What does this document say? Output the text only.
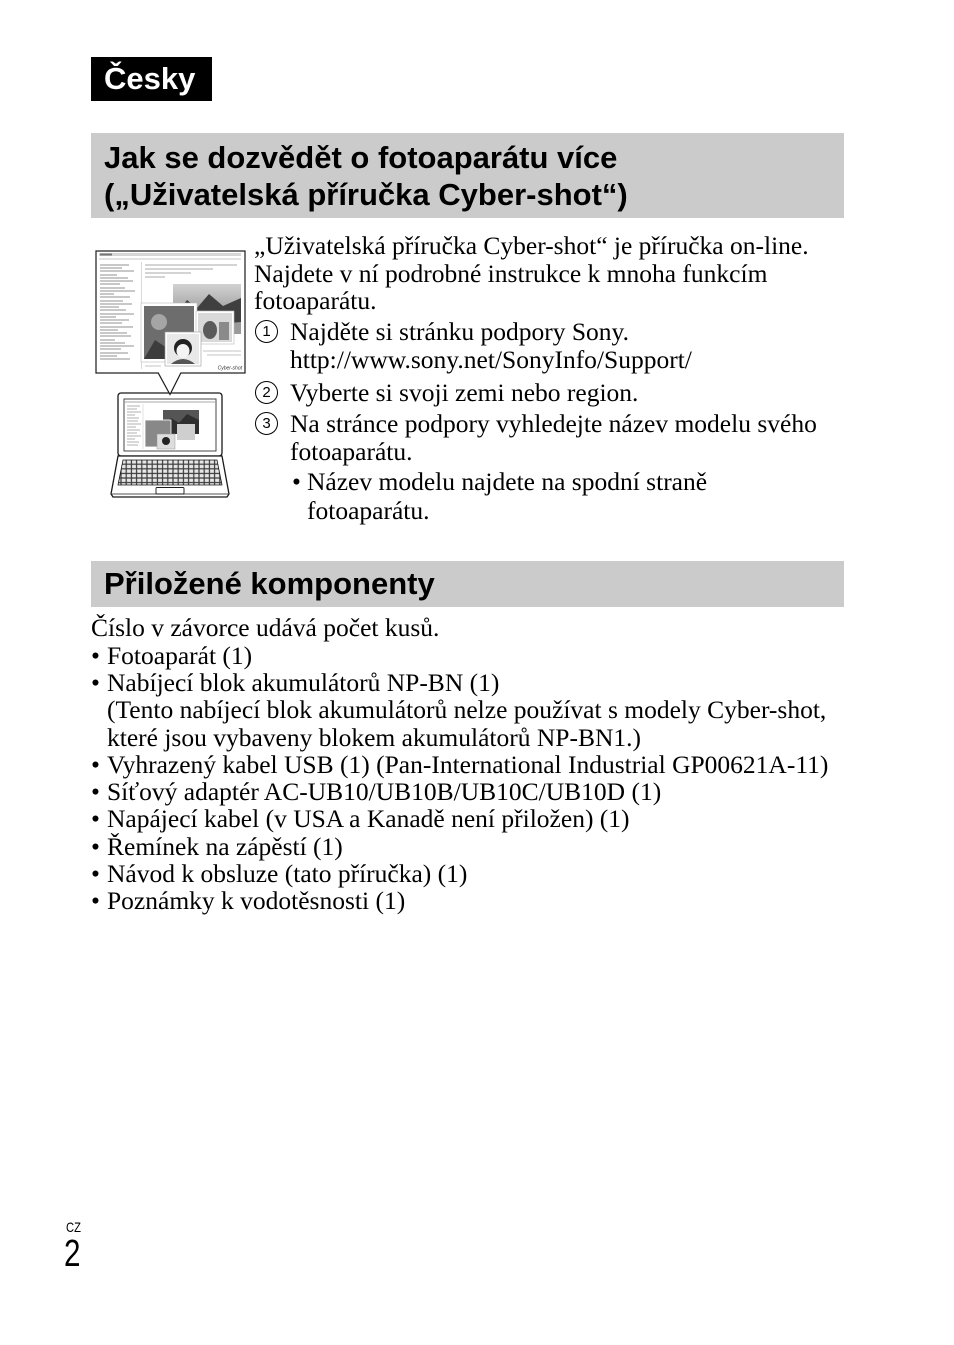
Česky
Jak se dozvědět o fotoaparátu více
(„Uživatelská příručka Cyber-shot“)
Cyber-shot
„Uživatelská příručka Cyber-shot“ je příručka on-line.
Najdete v ní podrobné instrukce k mnoha funkcím
fotoaparátu.
1 Najděte si stránku podpory Sony.
http://www.sony.net/SonyInfo/Support/
2 Vyberte si svoji zemi nebo region.
3 Na stránce podpory vyhledejte název modelu svého
fotoaparátu.
• Název modelu najdete na spodní straně
fotoaparátu.
Přiložené komponenty
Číslo v závorce udává počet kusů.
• Fotoaparát (1)
• Nabíjecí blok akumulátorů NP-BN (1)
(Tento nabíjecí blok akumulátorů nelze používat s modely Cyber-shot,
které jsou vybaveny blokem akumulátorů NP-BN1.)
• Vyhrazený kabel USB (1) (Pan-International Industrial GP00621A-11)
• Síťový adaptér AC-UB10/UB10B/UB10C/UB10D (1)
• Napájecí kabel (v USA a Kanadě není přiložen) (1)
• Řemínek na zápěstí (1)
• Návod k obsluze (tato příručka) (1)
• Poznámky k vodotěsnosti (1)
CZ
2
